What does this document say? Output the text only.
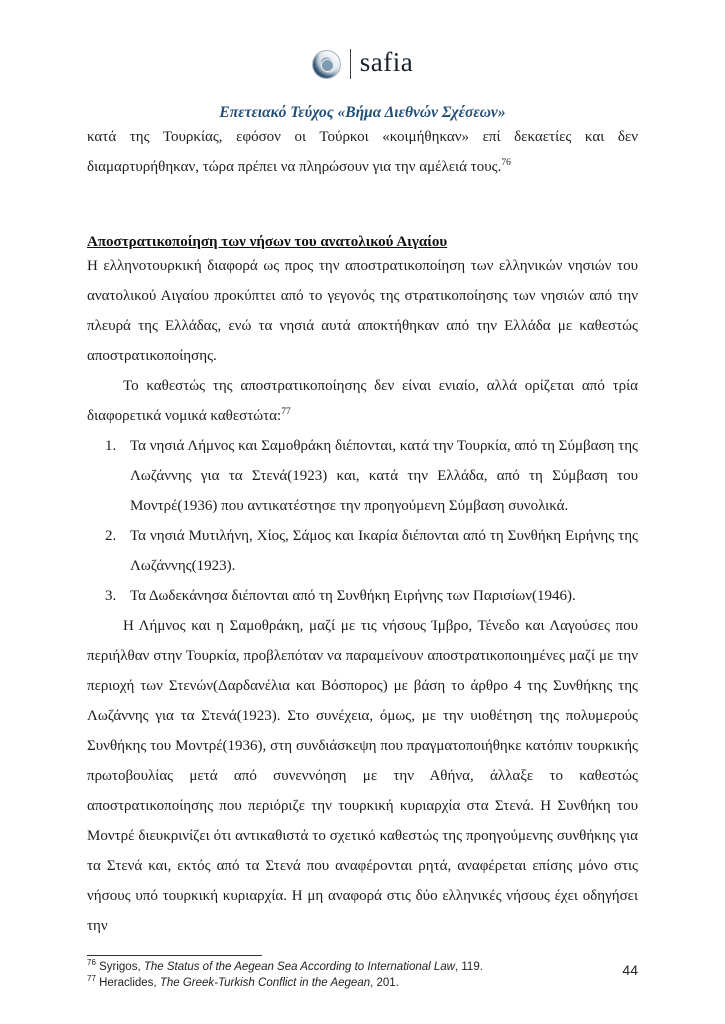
safia
Επετειακό Τεύχος «Βήμα Διεθνών Σχέσεων»

κατά της Τουρκίας, εφόσον οι Τούρκοι «κοιμήθηκαν» επί δεκαετίες και δεν διαμαρτυρήθηκαν, τώρα πρέπει να πληρώσουν για την αμέλειά τους.$^{76}$

Αποστρατικοποίηση των νήσων του ανατολικού Αιγαίου

Η ελληνοτουρκική διαφορά ως προς την αποστρατικοποίηση των ελληνικών νησιών του ανατολικού Αιγαίου προκύπτει από το γεγονός της στρατικοποίησης των νησιών από την πλευρά της Ελλάδας, ενώ τα νησιά αυτά αποκτήθηκαν από την Ελλάδα με καθεστώς αποστρατικοποίησης.

Το καθεστώς της αποστρατικοποίησης δεν είναι ενιαίο, αλλά ορίζεται από τρία διαφορετικά νομικά καθεστώτα:$^{77}$

1. Τα νησιά Λήμνος και Σαμοθράκη διέπονται, κατά την Τουρκία, από τη Σύμβαση της Λωζάννης για τα Στενά(1923) και, κατά την Ελλάδα, από τη Σύμβαση του Μοντρέ(1936) που αντικατέστησε την προηγούμενη Σύμβαση συνολικά.
2. Τα νησιά Μυτιλήνη, Χίος, Σάμος και Ικαρία διέπονται από τη Συνθήκη Ειρήνης της Λωζάννης(1923).
3. Τα Δωδεκάνησα διέπονται από τη Συνθήκη Ειρήνης των Παρισίων(1946).

Η Λήμνος και η Σαμοθράκη, μαζί με τις νήσους Ίμβρο, Τένεδο και Λαγούσες που περιήλθαν στην Τουρκία, προβλεπόταν να παραμείνουν αποστρατικοποιημένες μαζί με την περιοχή των Στενών(Δαρδανέλια και Βόσπορος) με βάση το άρθρο 4 της Συνθήκης της Λωζάννης για τα Στενά(1923). Στο συνέχεια, όμως, με την υιοθέτηση της πολυμερούς Συνθήκης του Μοντρέ(1936), στη συνδιάσκεψη που πραγματοποιήθηκε κατόπιν τουρκικής πρωτοβουλίας μετά από συνεννόηση με την Αθήνα, άλλαξε το καθεστώς αποστρατικοποίησης που περιόριζε την τουρκική κυριαρχία στα Στενά. Η Συνθήκη του Μοντρέ διευκρινίζει ότι αντικαθιστά το σχετικό καθεστώς της προηγούμενης συνθήκης για τα Στενά και, εκτός από τα Στενά που αναφέρονται ρητά, αναφέρεται επίσης μόνο στις νήσους υπό τουρκική κυριαρχία. Η μη αναφορά στις δύο ελληνικές νήσους έχει οδηγήσει την

$^{76}$ Syrigos, The Status of the Aegean Sea According to International Law, 119.
$^{77}$ Heraclides, The Greek-Turkish Conflict in the Aegean, 201.
44
